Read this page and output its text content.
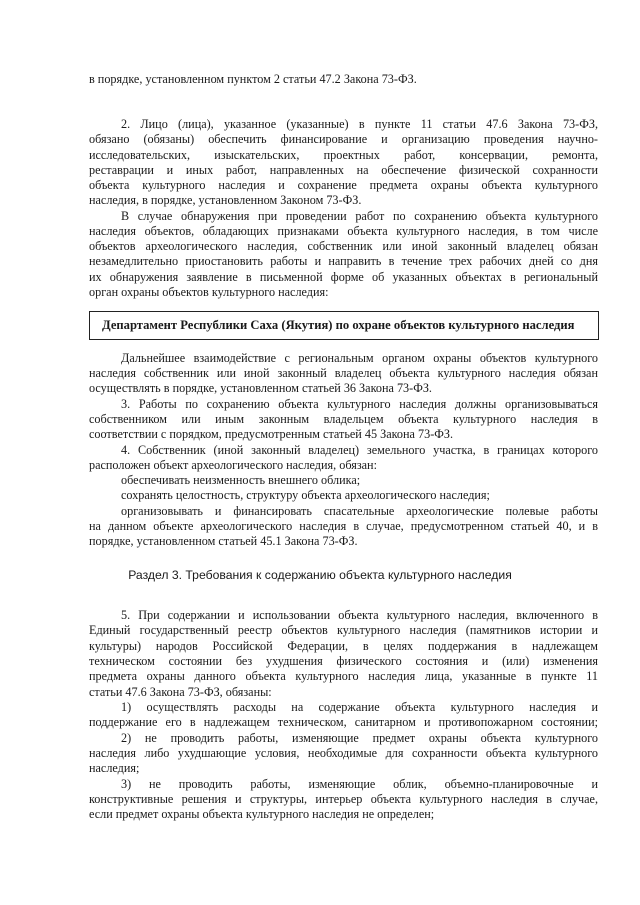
в порядке, установленном пунктом 2 статьи 47.2 Закона 73-ФЗ.
2. Лицо (лица), указанное (указанные) в пункте 11 статьи 47.6 Закона 73-ФЗ,
обязано (обязаны) обеспечить финансирование и организацию проведения научно-
исследовательских, изыскательских, проектных работ, консервации, ремонта,
реставрации и иных работ, направленных на обеспечение физической сохранности
объекта культурного наследия и сохранение предмета охраны объекта культурного
наследия, в порядке, установленном Законом 73-ФЗ.
В случае обнаружения при проведении работ по сохранению объекта культурного
наследия объектов, обладающих признаками объекта культурного наследия, в том числе
объектов археологического наследия, собственник или иной законный владелец обязан
незамедлительно приостановить работы и направить в течение трех рабочих дней со дня
их обнаружения заявление в письменной форме об указанных объектах в региональный
орган охраны объектов культурного наследия:
Департамент Республики Саха (Якутия) по охране объектов культурного наследия
Дальнейшее взаимодействие с региональным органом охраны объектов культурного
наследия собственник или иной законный владелец объекта культурного наследия обязан
осуществлять в порядке, установленном статьей 36 Закона 73-ФЗ.
3. Работы по сохранению объекта культурного наследия должны организовываться
собственником или иным законным владельцем объекта культурного наследия в
соответствии с порядком, предусмотренным статьей 45 Закона 73-ФЗ.
4. Собственник (иной законный владелец) земельного участка, в границах которого
расположен объект археологического наследия, обязан:
обеспечивать неизменность внешнего облика;
сохранять целостность, структуру объекта археологического наследия;
организовывать и финансировать спасательные археологические полевые работы
на данном объекте археологического наследия в случае, предусмотренном статьей 40, и в
порядке, установленном статьей 45.1 Закона 73-ФЗ.
Раздел 3. Требования к содержанию объекта культурного наследия
5. При содержании и использовании объекта культурного наследия, включенного в
Единый государственный реестр объектов культурного наследия (памятников истории и
культуры) народов Российской Федерации, в целях поддержания в надлежащем
техническом состоянии без ухудшения физического состояния и (или) изменения
предмета охраны данного объекта культурного наследия лица, указанные в пункте 11
статьи 47.6 Закона 73-ФЗ, обязаны:
1) осуществлять расходы на содержание объекта культурного наследия и
поддержание его в надлежащем техническом, санитарном и противопожарном состоянии;
2) не проводить работы, изменяющие предмет охраны объекта культурного
наследия либо ухудшающие условия, необходимые для сохранности объекта культурного
наследия;
3) не проводить работы, изменяющие облик, объемно-планировочные и
конструктивные решения и структуры, интерьер объекта культурного наследия в случае,
если предмет охраны объекта культурного наследия не определен;
